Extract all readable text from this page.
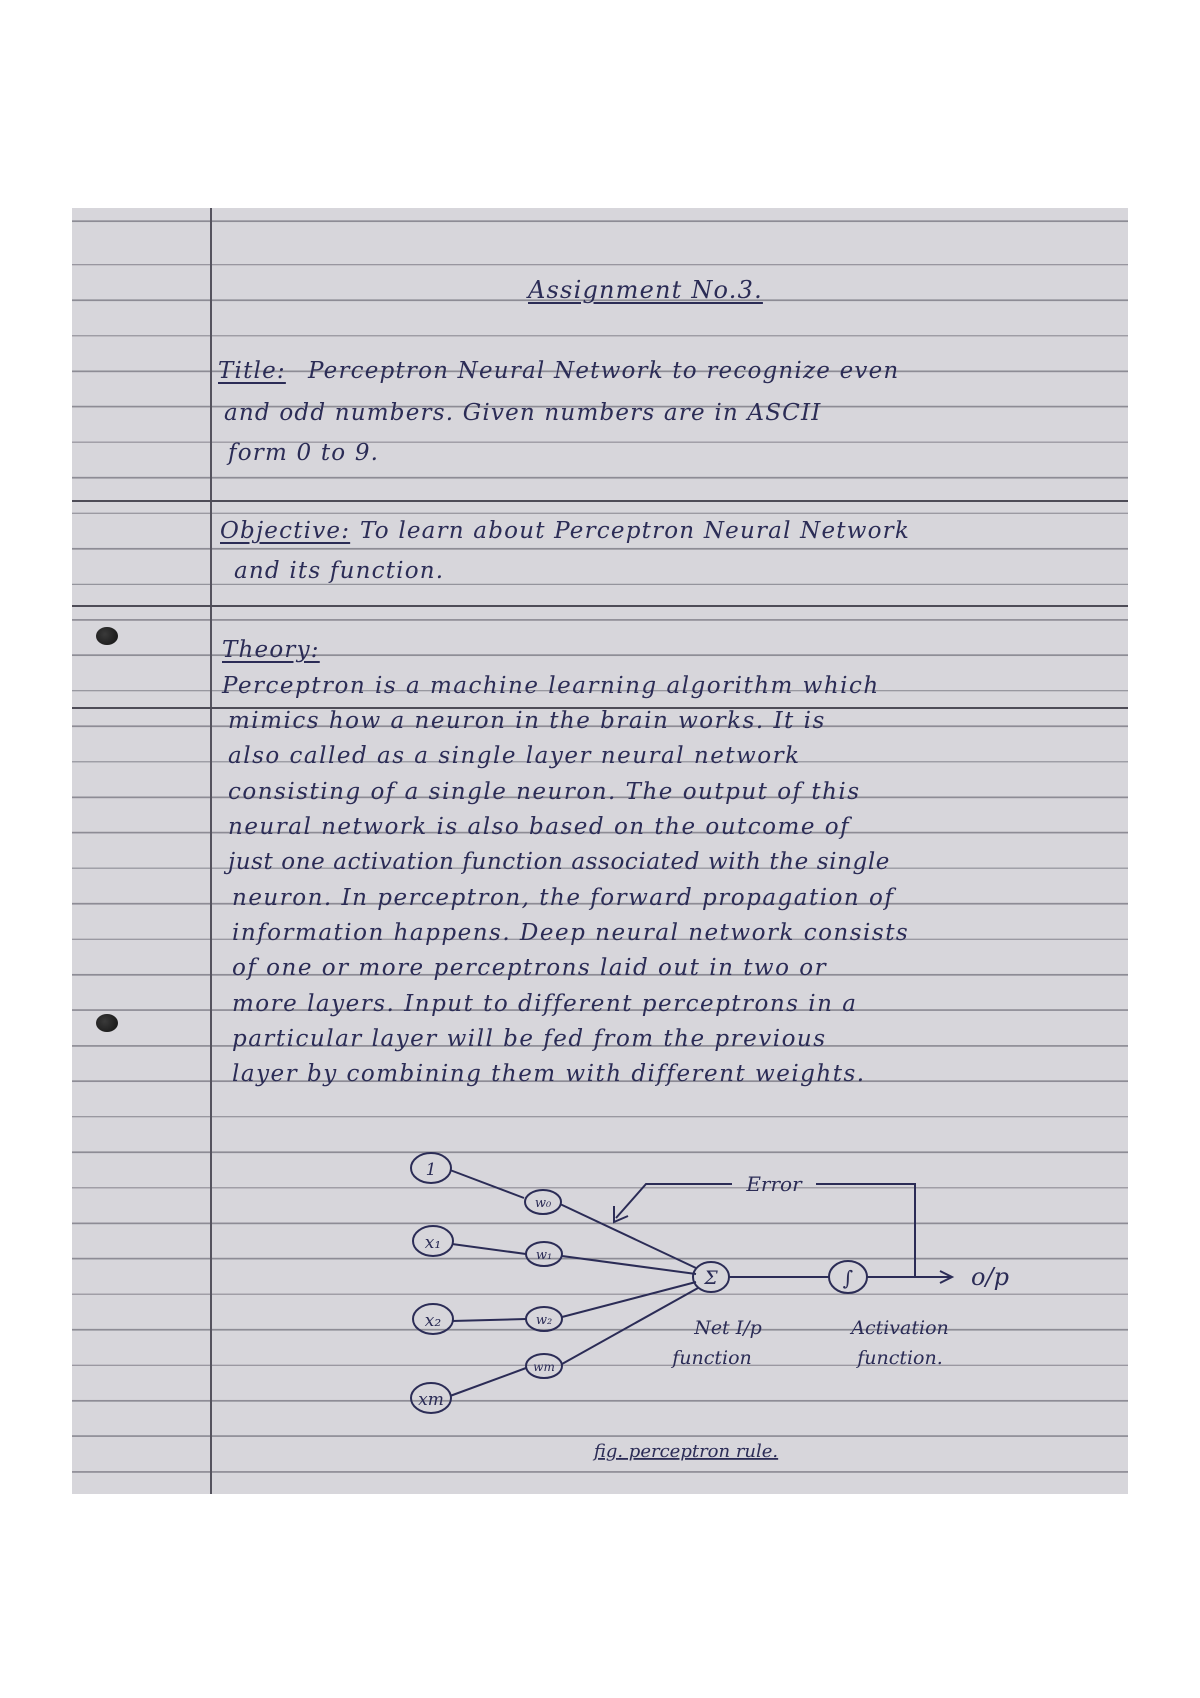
Assignment No.3.
Title: Perceptron Neural Network to recognize even
and odd numbers. Given numbers are in ASCII
form 0 to 9.
Objective: To learn about Perceptron Neural Network
and its function.
Theory:
Perceptron is a machine learning algorithm which
mimics how a neuron in the brain works. It is
also called as a single layer neural network
consisting of a single neuron. The output of this
neural network is also based on the outcome of
just one activation function associated with the single
neuron. In perceptron, the forward propagation of
information happens. Deep neural network consists
of one or more perceptrons laid out in two or
more layers. Input to different perceptrons in a
particular layer will be fed from the previous
layer by combining them with different weights.
1
x₁
x₂
xm
w₀
w₁
w₂
wm
Σ	∫
Error
o/p
Net I/p
function
Activation
function.
fig. perceptron rule.
